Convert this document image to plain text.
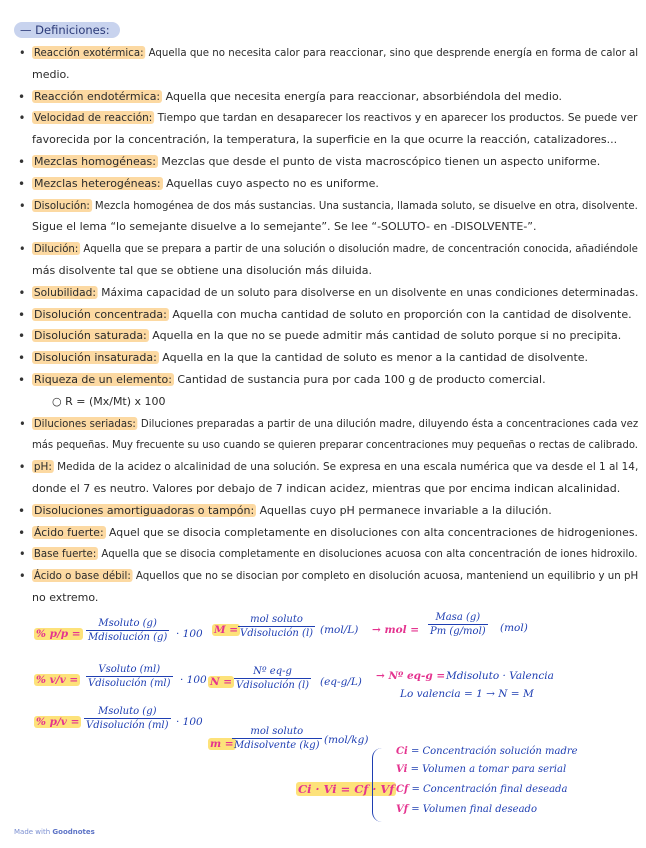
— Definiciones:
• Reacción exotérmica: Aquella que no necesita calor para reaccionar, sino que desprende energía en forma de calor al
medio.
• Reacción endotérmica: Aquella que necesita energía para reaccionar, absorbiéndola del medio.
• Velocidad de reacción: Tiempo que tardan en desaparecer los reactivos y en aparecer los productos. Se puede ver
favorecida por la concentración, la temperatura, la superficie en la que ocurre la reacción, catalizadores...
• Mezclas homogéneas: Mezclas que desde el punto de vista macroscópico tienen un aspecto uniforme.
• Mezclas heterogéneas: Aquellas cuyo aspecto no es uniforme.
• Disolución: Mezcla homogénea de dos más sustancias. Una sustancia, llamada soluto, se disuelve en otra, disolvente.
Sigue el lema “lo semejante disuelve a lo semejante”. Se lee “-SOLUTO- en -DISOLVENTE-”.
• Dilución: Aquella que se prepara a partir de una solución o disolución madre, de concentración conocida, añadiéndole
más disolvente tal que se obtiene una disolución más diluida.
• Solubilidad: Máxima capacidad de un soluto para disolverse en un disolvente en unas condiciones determinadas.
• Disolución concentrada: Aquella con mucha cantidad de soluto en proporción con la cantidad de disolvente.
• Disolución saturada: Aquella en la que no se puede admitir más cantidad de soluto porque si no precipita.
• Disolución insaturada: Aquella en la que la cantidad de soluto es menor a la cantidad de disolvente.
• Riqueza de un elemento: Cantidad de sustancia pura por cada 100 g de producto comercial.
○ R = (Mx/Mt) x 100
• Diluciones seriadas: Diluciones preparadas a partir de una dilución madre, diluyendo ésta a concentraciones cada vez
más pequeñas. Muy frecuente su uso cuando se quieren preparar concentraciones muy pequeñas o rectas de calibrado.
• pH: Medida de la acidez o alcalinidad de una solución. Se expresa en una escala numérica que va desde el 1 al 14,
donde el 7 es neutro. Valores por debajo de 7 indican acidez, mientras que por encima indican alcalinidad.
• Disoluciones amortiguadoras o tampón: Aquellas cuyo pH permanece invariable a la dilución.
• Ácido fuerte: Aquel que se disocia completamente en disoluciones con alta concentraciones de hidrogeniones.
• Base fuerte: Aquella que se disocia completamente en disoluciones acuosa con alta concentración de iones hidroxilo.
• Ácido o base débil: Aquellos que no se disocian por completo en disolución acuosa, manteniend un equilibrio y un pH
no extremo.
% p/p =
Msoluto (g)
Mdisolución (g) · 100
% v/v =
Vsoluto (ml)
Vdisolución (ml) · 100
% p/v =
Msoluto (g)
Vdisolución (ml) · 100
M =
mol soluto
Vdisolución (l) (mol/L) → mol =
Masa (g)
Pm (g/mol) (mol)
N =
Nº eq-g
Vdisolución (l) (eq-g/L) → Nº eq-g = Mdisoluto · Valencia
Lo valencia = 1 → N = M
m =
mol soluto
Mdisolvente (kg) (mol/kg)
Ci · Vi = Cf · Vf
Ci = Concentración solución madre
Vi = Volumen a tomar para serial
Cf = Concentración final deseada
Vf = Volumen final deseado
Made with Goodnotes
